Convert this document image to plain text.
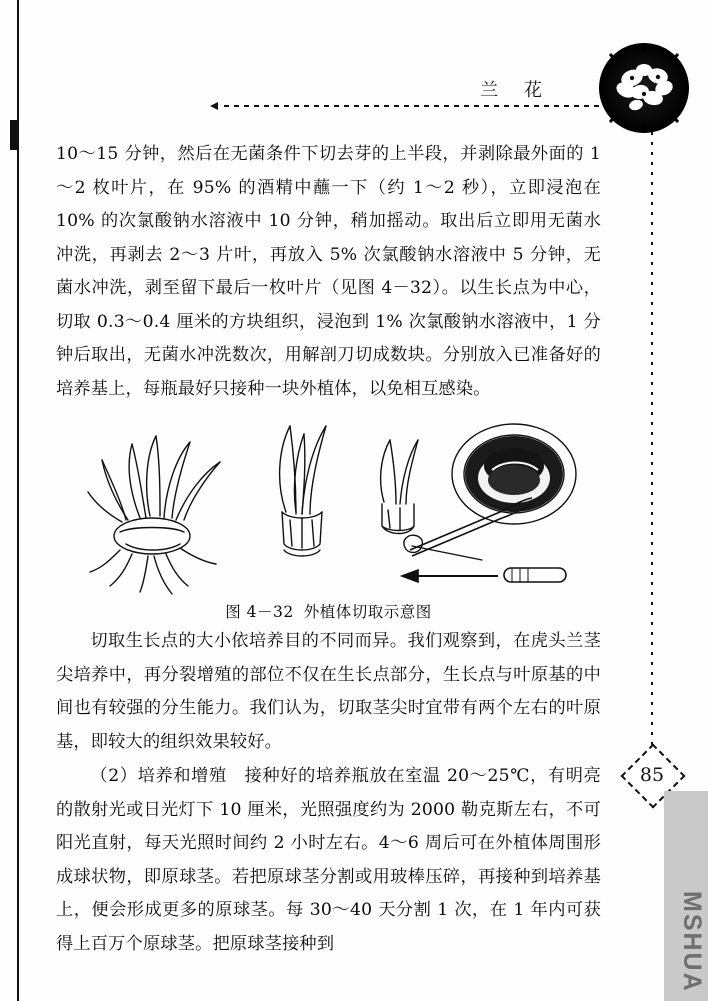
兰 花
85

10～15 分钟，然后在无菌条件下切去芽的上半段，并剥除最外面的 1～2 枚叶片，在 95% 的酒精中蘸一下（约 1～2 秒），立即浸泡在 10% 的次氯酸钠水溶液中 10 分钟，稍加摇动。取出后立即用无菌水冲洗，再剥去 2～3 片叶，再放入 5% 次氯酸钠水溶液中 5 分钟，无菌水冲洗，剥至留下最后一枚叶片（见图 4－32）。以生长点为中心，切取 0.3～0.4 厘米的方块组织，浸泡到 1% 次氯酸钠水溶液中，1 分钟后取出，无菌水冲洗数次，用解剖刀切成数块。分别放入已准备好的培养基上，每瓶最好只接种一块外植体，以免相互感染。

图 4－32 外植体切取示意图

切取生长点的大小依培养目的不同而异。我们观察到，在虎头兰茎尖培养中，再分裂增殖的部位不仅在生长点部分，生长点与叶原基的中间也有较强的分生能力。我们认为，切取茎尖时宜带有两个左右的叶原基，即较大的组织效果较好。

（2）培养和增殖　接种好的培养瓶放在室温 20～25℃，有明亮的散射光或日光灯下 10 厘米，光照强度约为 2000 勒克斯左右，不可阳光直射，每天光照时间约 2 小时左右。4～6 周后可在外植体周围形成球状物，即原球茎。若把原球茎分割或用玻棒压碎，再接种到培养基上，便会形成更多的原球茎。每 30～40 天分割 1 次，在 1 年内可获得上百万个原球茎。把原球茎接种到	MSHUA
